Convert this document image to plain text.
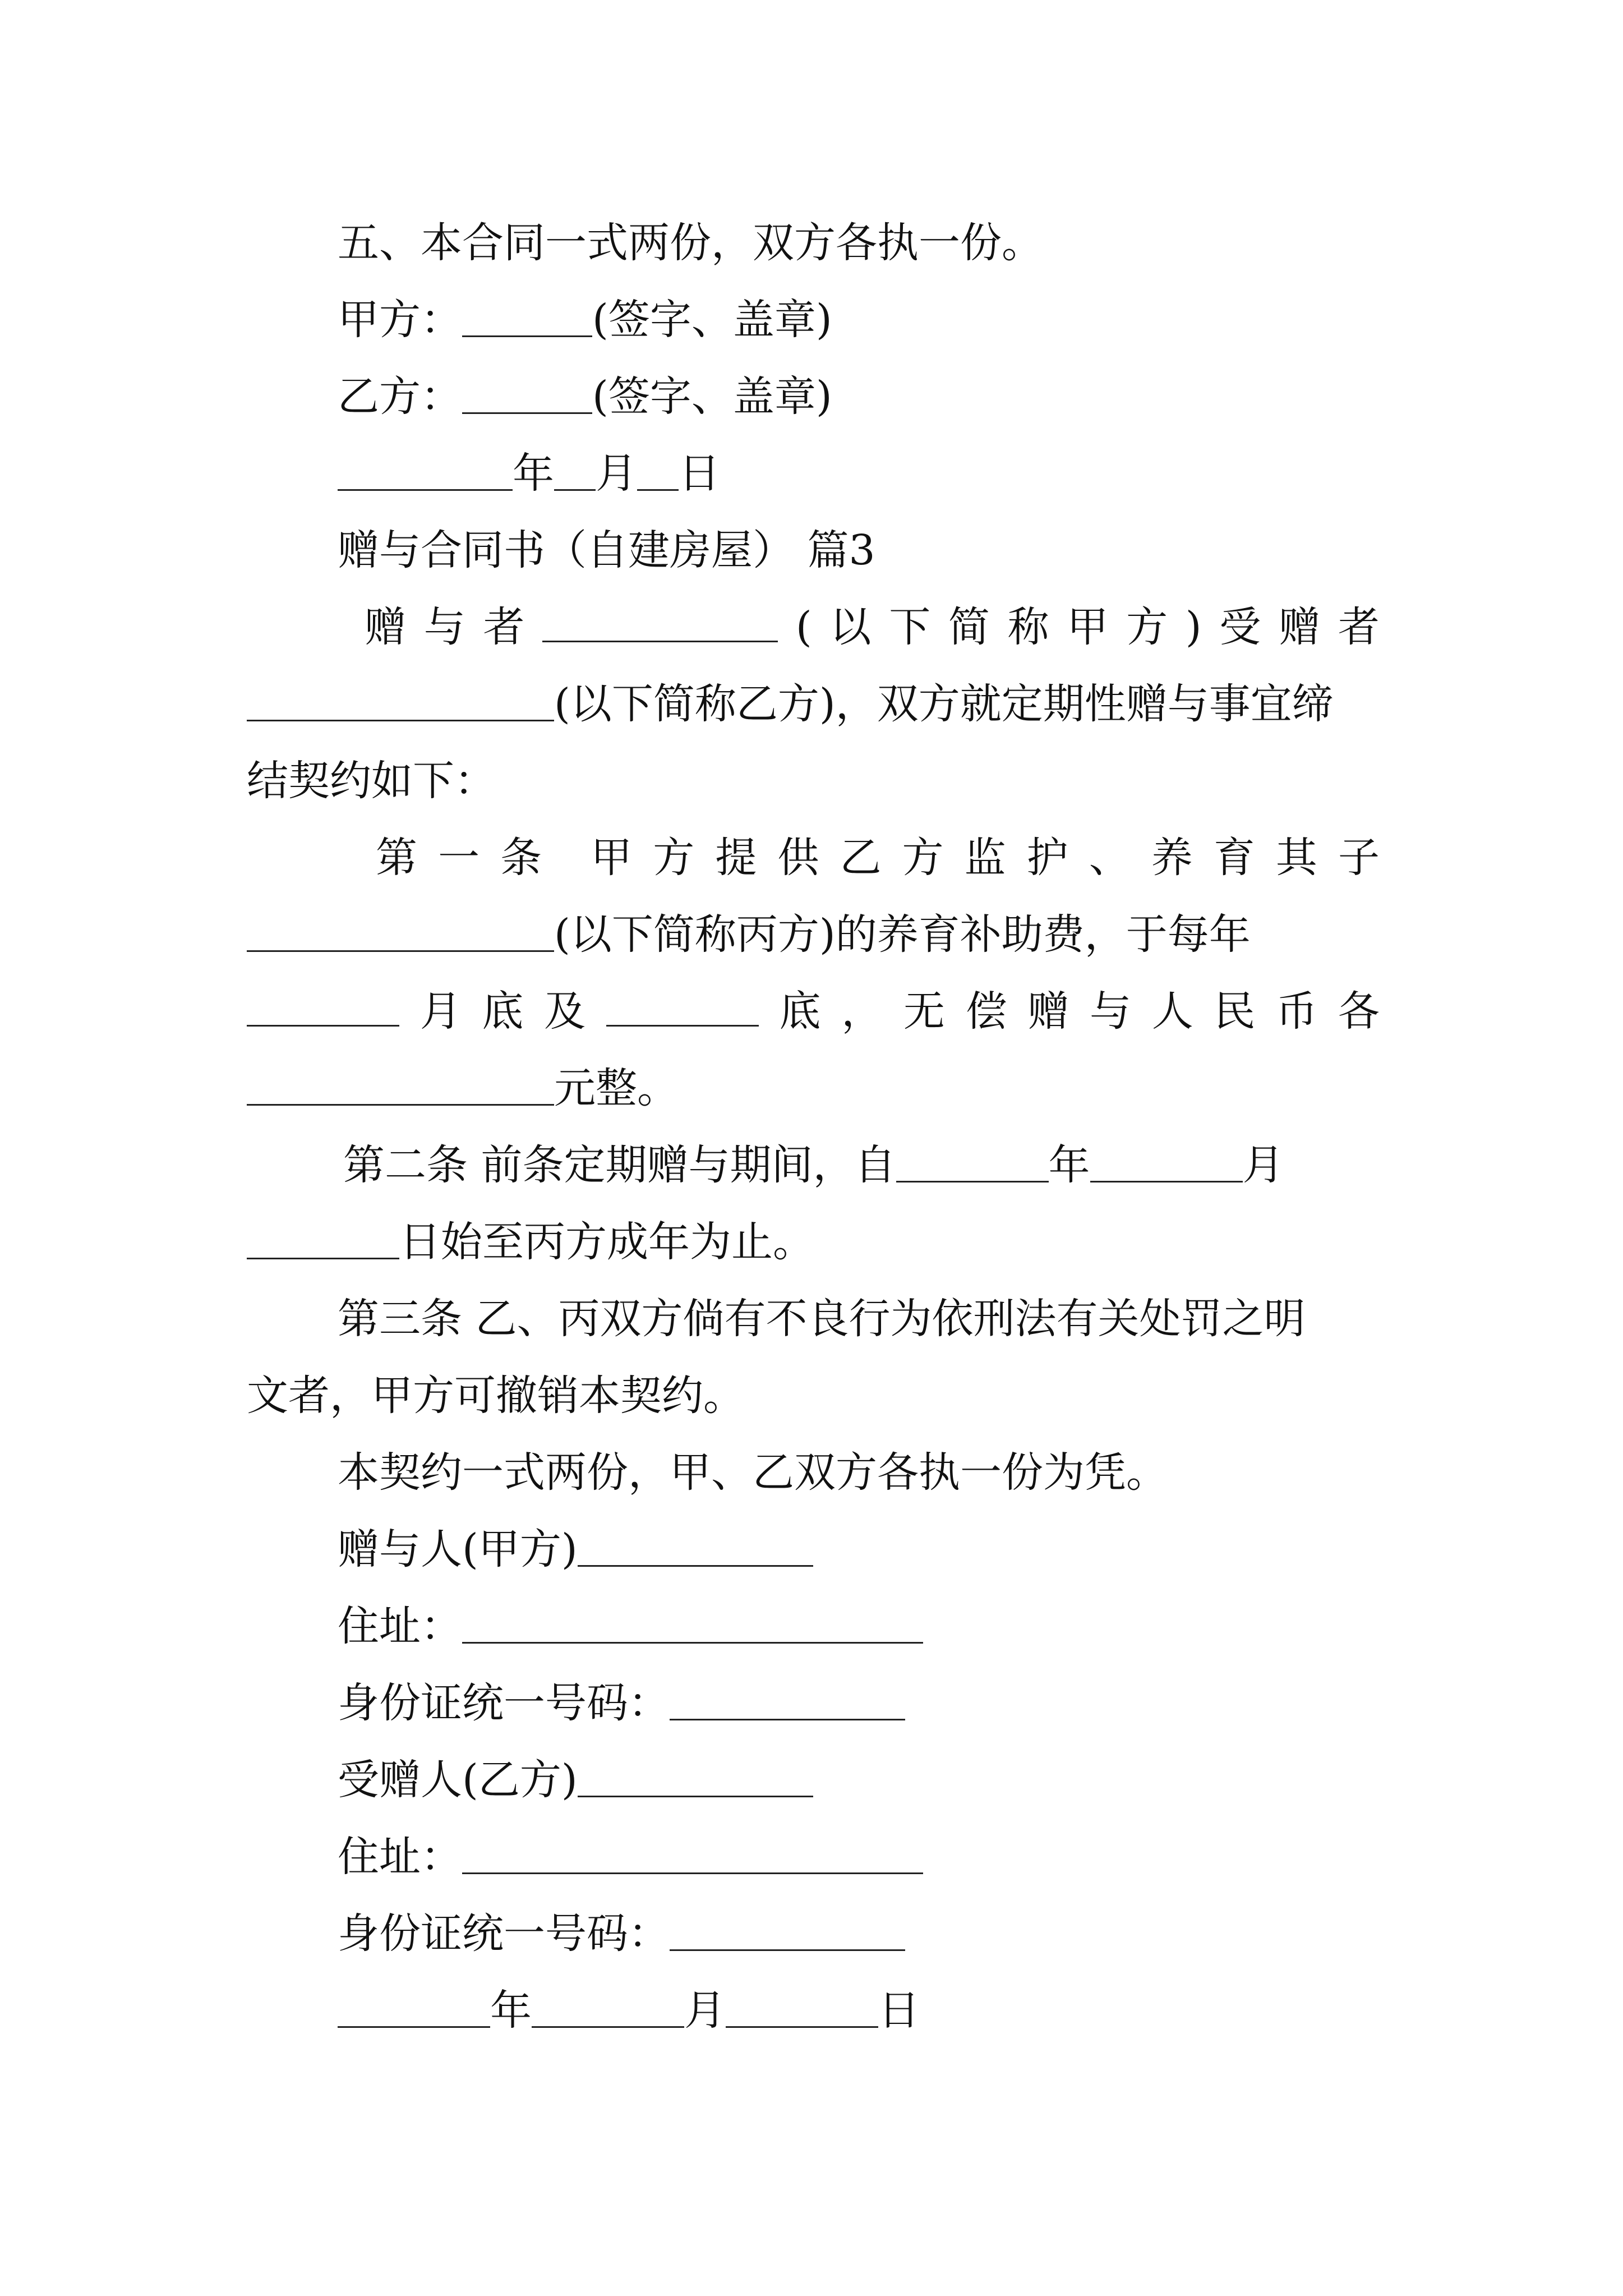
五、本合同一式两份，双方各执一份。
甲方：	(签字、盖章)
乙方：	(签字、盖章)
年 月 日
赠与合同书（自建房屋） 篇3
赠 与 者	( 以 下 简 称 甲 方 ) 受 赠 者
(以下简称乙方)，双方就定期性赠与事宜缔
结契约如下：
第 一 条 甲 方 提 供 乙 方 监 护 、 养 育 其 子
(以下简称丙方)的养育补助费，于每年
月 底 及	底 ， 无 偿 赠 与 人 民 币 各
元整。
第二条 前条定期赠与期间，自	年	月
日始至丙方成年为止。
第三条 乙、丙双方倘有不良行为依刑法有关处罚之明
文者，甲方可撤销本契约。
本契约一式两份，甲、乙双方各执一份为凭。
赠与人(甲方)
住址：
身份证统一号码：
受赠人(乙方)
住址：
身份证统一号码：
年	月	日
